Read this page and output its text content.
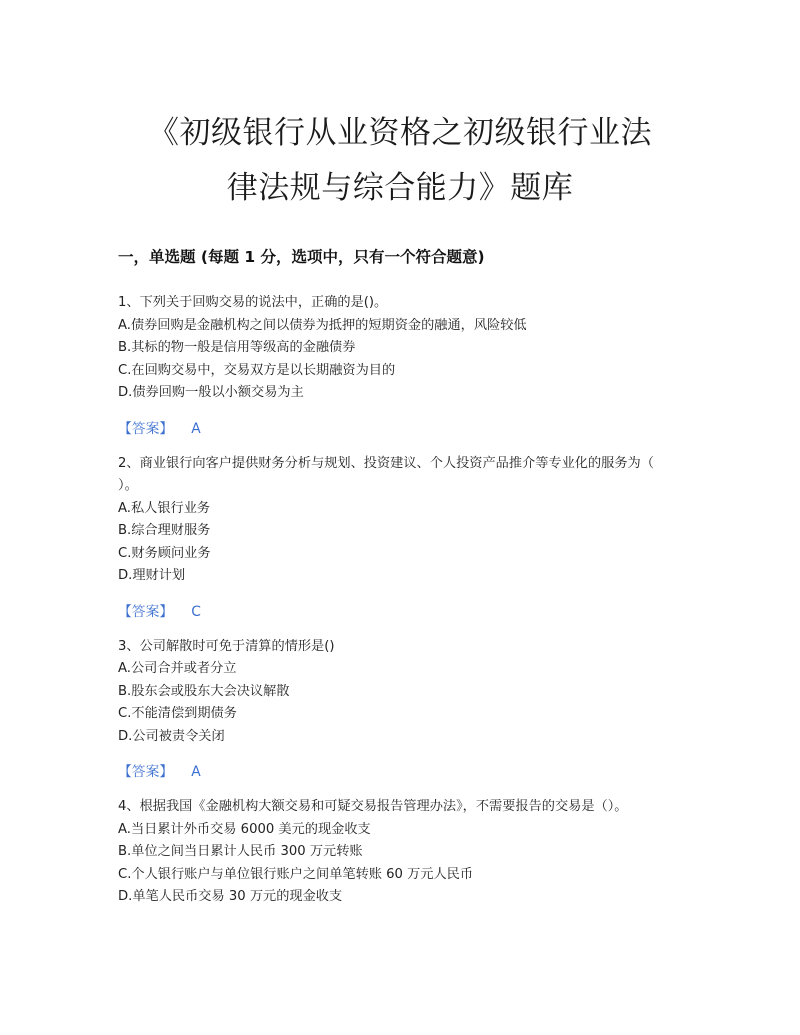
《初级银行从业资格之初级银行业法
律法规与综合能力》题库
一，单选题 (每题 1 分，选项中，只有一个符合题意)
1、下列关于回购交易的说法中，正确的是()。
A.债券回购是金融机构之间以债券为抵押的短期资金的融通，风险较低
B.其标的物一般是信用等级高的金融债券
C.在回购交易中，交易双方是以长期融资为目的
D.债券回购一般以小额交易为主
【答案】 A
2、商业银行向客户提供财务分析与规划、投资建议、个人投资产品推介等专业化的服务为（ ）。
A.私人银行业务
B.综合理财服务
C.财务顾问业务
D.理财计划
【答案】 C
3、公司解散时可免于清算的情形是()
A.公司合并或者分立
B.股东会或股东大会决议解散
C.不能清偿到期债务
D.公司被责令关闭
【答案】 A
4、根据我国《金融机构大额交易和可疑交易报告管理办法》，不需要报告的交易是（）。
A.当日累计外币交易 6000 美元的现金收支
B.单位之间当日累计人民币 300 万元转账
C.个人银行账户与单位银行账户之间单笔转账 60 万元人民币
D.单笔人民币交易 30 万元的现金收支
